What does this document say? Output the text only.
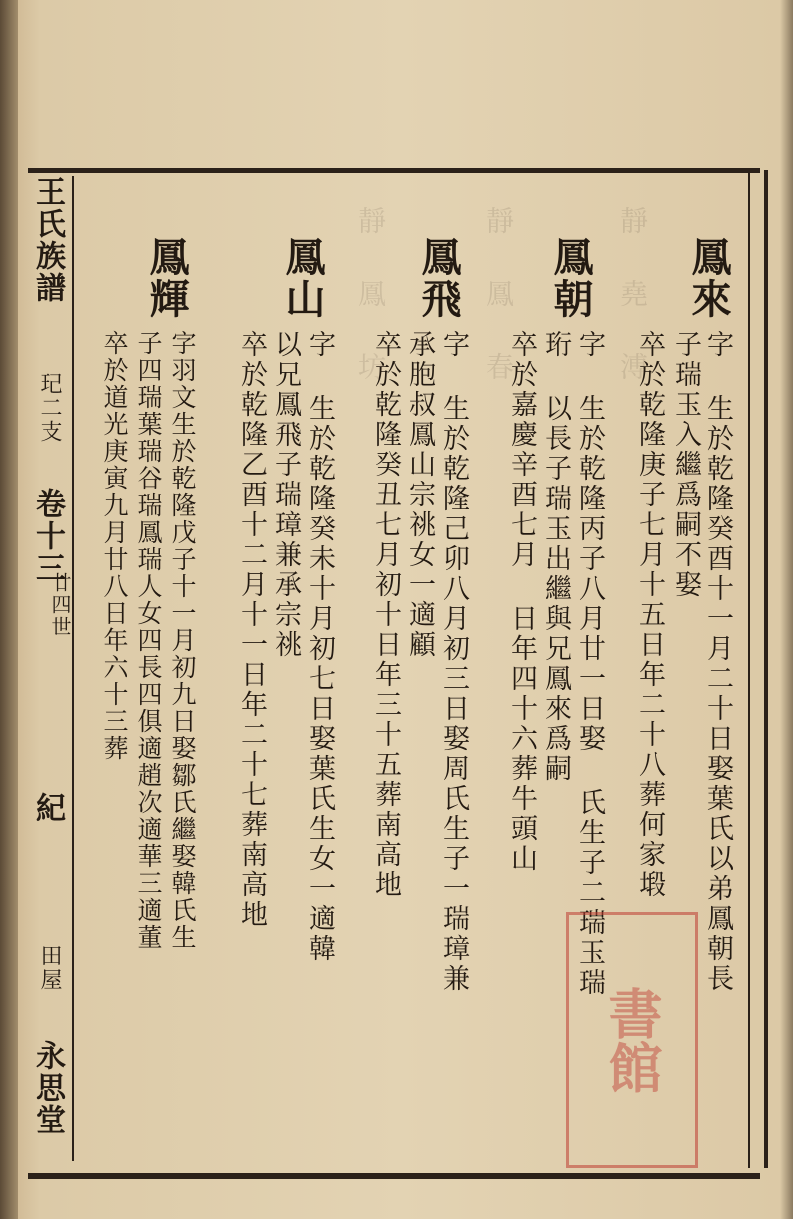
靜 堯 溥
靜 鳳 春
靜 鳳 坊
王氏族譜
玘二支
卷十三
廿四世
紀
田屋
永思堂
鳳來
字 生於乾隆癸酉十一月二十日娶葉氏以弟鳳朝長
子瑞玉入繼爲嗣不娶
卒於乾隆庚子七月十五日年二十八葬何家塅
鳳朝
字 生於乾隆丙子八月廿一日娶 氏生子二瑞玉瑞
珩 以長子瑞玉出繼與兄鳳來爲嗣
卒於嘉慶辛酉七月 日年四十六葬牛頭山
鳳飛
字 生於乾隆己卯八月初三日娶周氏生子一瑞璋兼
承胞叔鳳山宗祧女一適顧
卒於乾隆癸丑七月初十日年三十五葬南高地
鳳山
字 生於乾隆癸未十月初七日娶葉氏生女一適韓
以兄鳳飛子瑞璋兼承宗祧
卒於乾隆乙酉十二月十一日年二十七葬南高地
鳳輝
字羽文生於乾隆戊子十一月初九日娶鄒氏繼娶韓氏生
子四瑞葉瑞谷瑞鳳瑞人女四長四俱適趙次適華三適董
卒於道光庚寅九月廿八日年六十三葬
書館
